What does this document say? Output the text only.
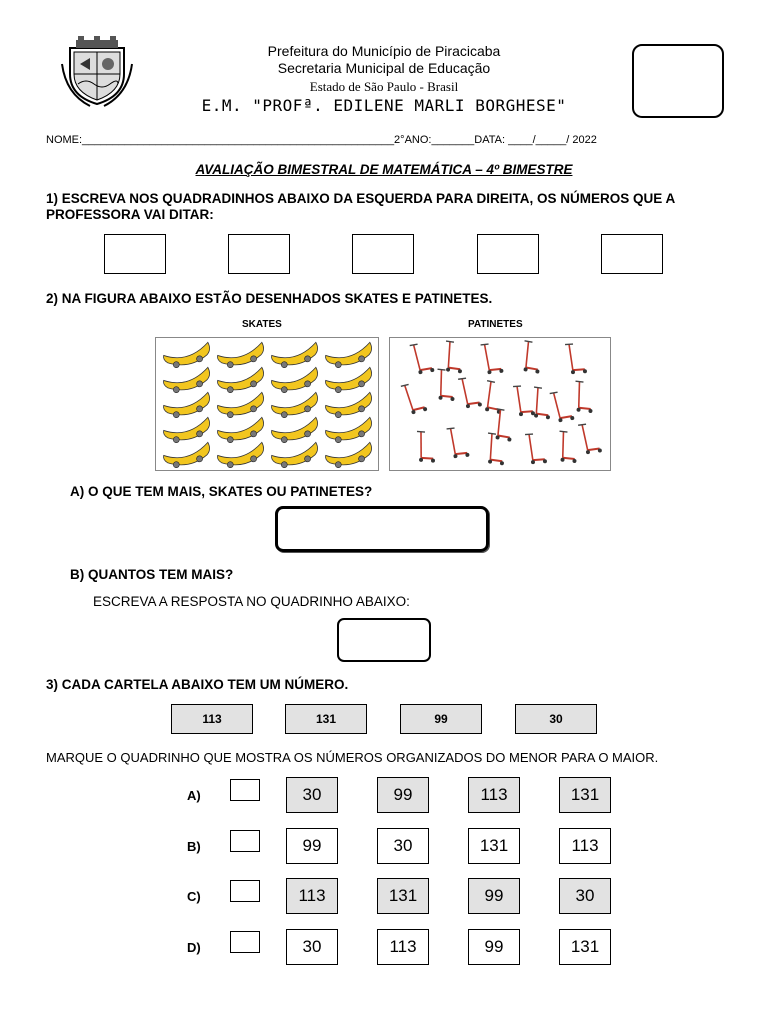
Prefeitura do Município de Piracicaba
Secretaria Municipal de Educação
Estado de São Paulo - Brasil
E.M. "PROFª. EDILENE MARLI BORGHESE"
NOME:___________________________________________________2°ANO:_______DATA: ____/_____/ 2022
AVALIAÇÃO BIMESTRAL DE MATEMÁTICA – 4º BIMESTRE
1) ESCREVA NOS QUADRADINHOS ABAIXO DA ESQUERDA PARA DIREITA, OS NÚMEROS QUE A
PROFESSORA VAI DITAR:
2) NA FIGURA ABAIXO ESTÃO DESENHADOS SKATES E PATINETES.
SKATES	PATINETES
A) O QUE TEM MAIS, SKATES OU PATINETES?
B) QUANTOS TEM MAIS?
ESCREVA A RESPOSTA NO QUADRINHO ABAIXO:
3) CADA CARTELA ABAIXO TEM UM NÚMERO.
113	131	99	30
MARQUE O QUADRINHO QUE MOSTRA OS NÚMEROS ORGANIZADOS DO MENOR PARA O MAIOR.
A)	30	99	113	131
B)	99	30	131	113
C)	113	131	99	30
D)	30	113	99	131
